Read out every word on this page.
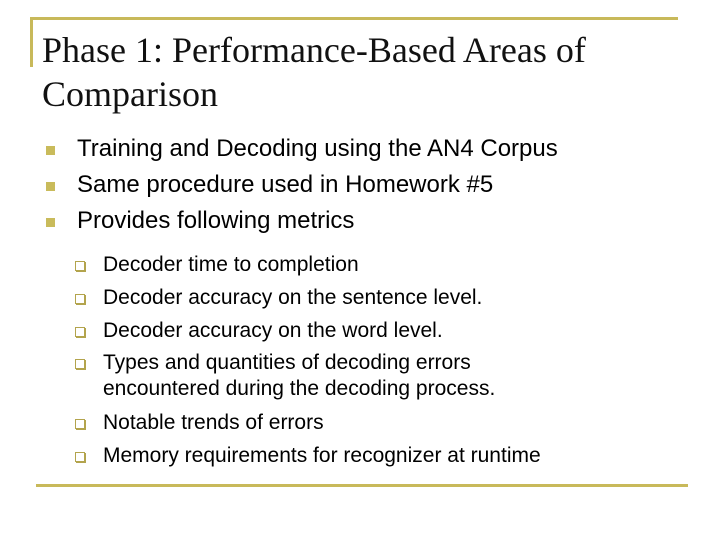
Phase 1: Performance-Based Areas of Comparison
Training and Decoding using the AN4 Corpus
Same procedure used in Homework #5
Provides following metrics
Decoder time to completion
Decoder accuracy on the sentence level.
Decoder accuracy on the word level.
Types and quantities of decoding errors
encountered during the decoding process.
Notable trends of errors
Memory requirements for recognizer at runtime
